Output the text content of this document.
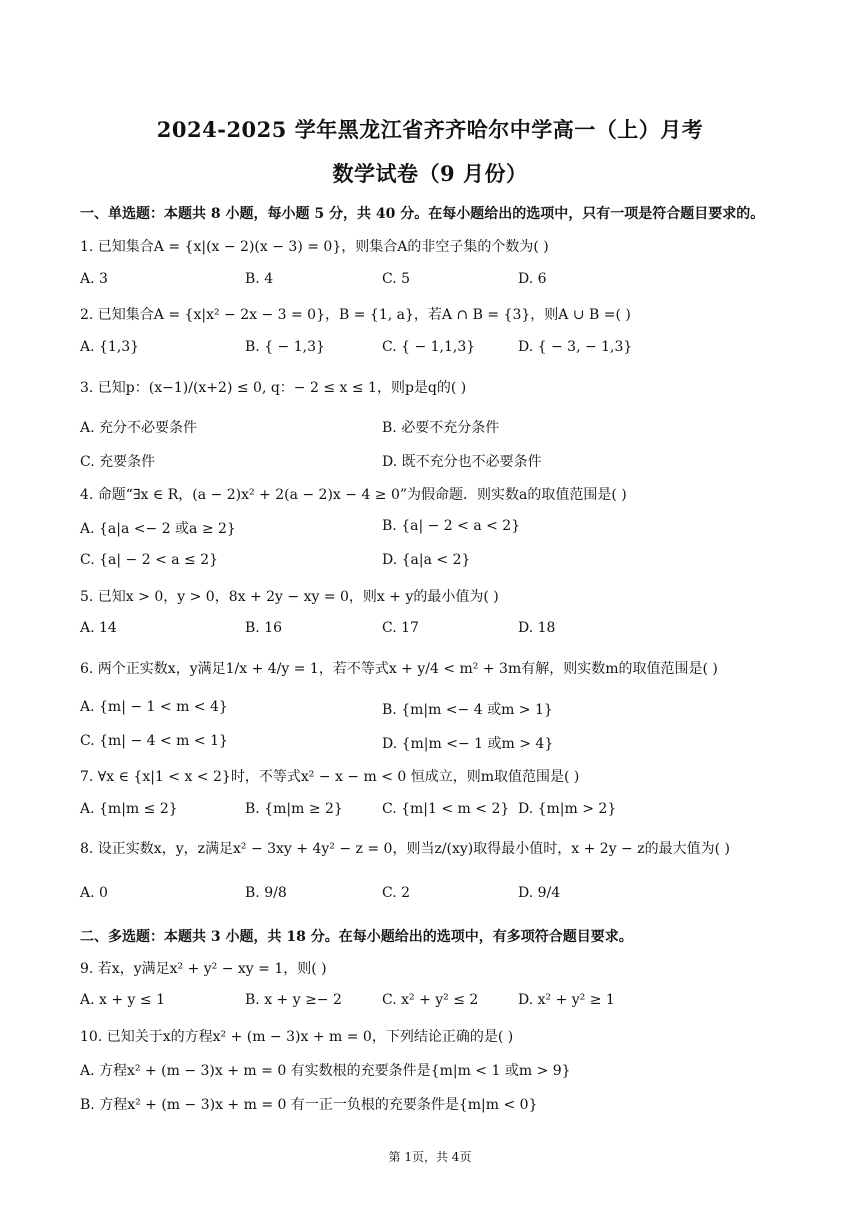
2024-2025 学年黑龙江省齐齐哈尔中学高一（上）月考
数学试卷（9 月份）
一、单选题：本题共 8 小题，每小题 5 分，共 40 分。在每小题给出的选项中，只有一项是符合题目要求的。
1. 已知集合A = {x|(x − 2)(x − 3) = 0}，则集合A的非空子集的个数为( )
A. 3	B. 4	C. 5	D. 6
2. 已知集合A = {x|x² − 2x − 3 = 0}，B = {1, a}，若A ∩ B = {3}，则A ∪ B =( )
A. {1,3}	B. { − 1,3}	C. { − 1,1,3}	D. { − 3, − 1,3}
3. 已知p：(x−1)/(x+2) ≤ 0, q：− 2 ≤ x ≤ 1，则p是q的( )
A. 充分不必要条件	B. 必要不充分条件
C. 充要条件	D. 既不充分也不必要条件
4. 命题“∃x ∈ R，(a − 2)x² + 2(a − 2)x − 4 ≥ 0”为假命题．则实数a的取值范围是( )
A. {a|a <− 2 或a ≥ 2}	B. {a| − 2 < a < 2}
C. {a| − 2 < a ≤ 2}	D. {a|a < 2}
5. 已知x > 0，y > 0，8x + 2y − xy = 0，则x + y的最小值为( )
A. 14	B. 16	C. 17	D. 18
6. 两个正实数x，y满足1/x + 4/y = 1，若不等式x + y/4 < m² + 3m有解，则实数m的取值范围是( )
A. {m| − 1 < m < 4}	B. {m|m <− 4 或m > 1}
C. {m| − 4 < m < 1}	D. {m|m <− 1 或m > 4}
7. ∀x ∈ {x|1 < x < 2}时，不等式x² − x − m < 0 恒成立，则m取值范围是( )
A. {m|m ≤ 2}	B. {m|m ≥ 2}	C. {m|1 < m < 2} D. {m|m > 2}
8. 设正实数x，y，z满足x² − 3xy + 4y² − z = 0，则当z/(xy)取得最小值时，x + 2y − z的最大值为( )
A. 0	B. 9/8	C. 2	D. 9/4
二、多选题：本题共 3 小题，共 18 分。在每小题给出的选项中，有多项符合题目要求。
9. 若x，y满足x² + y² − xy = 1，则( )
A. x + y ≤ 1	B. x + y ≥− 2	C. x² + y² ≤ 2	D. x² + y² ≥ 1
10. 已知关于x的方程x² + (m − 3)x + m = 0，下列结论正确的是( )
A. 方程x² + (m − 3)x + m = 0 有实数根的充要条件是{m|m < 1 或m > 9}
B. 方程x² + (m − 3)x + m = 0 有一正一负根的充要条件是{m|m < 0}
第 1页，共 4页
